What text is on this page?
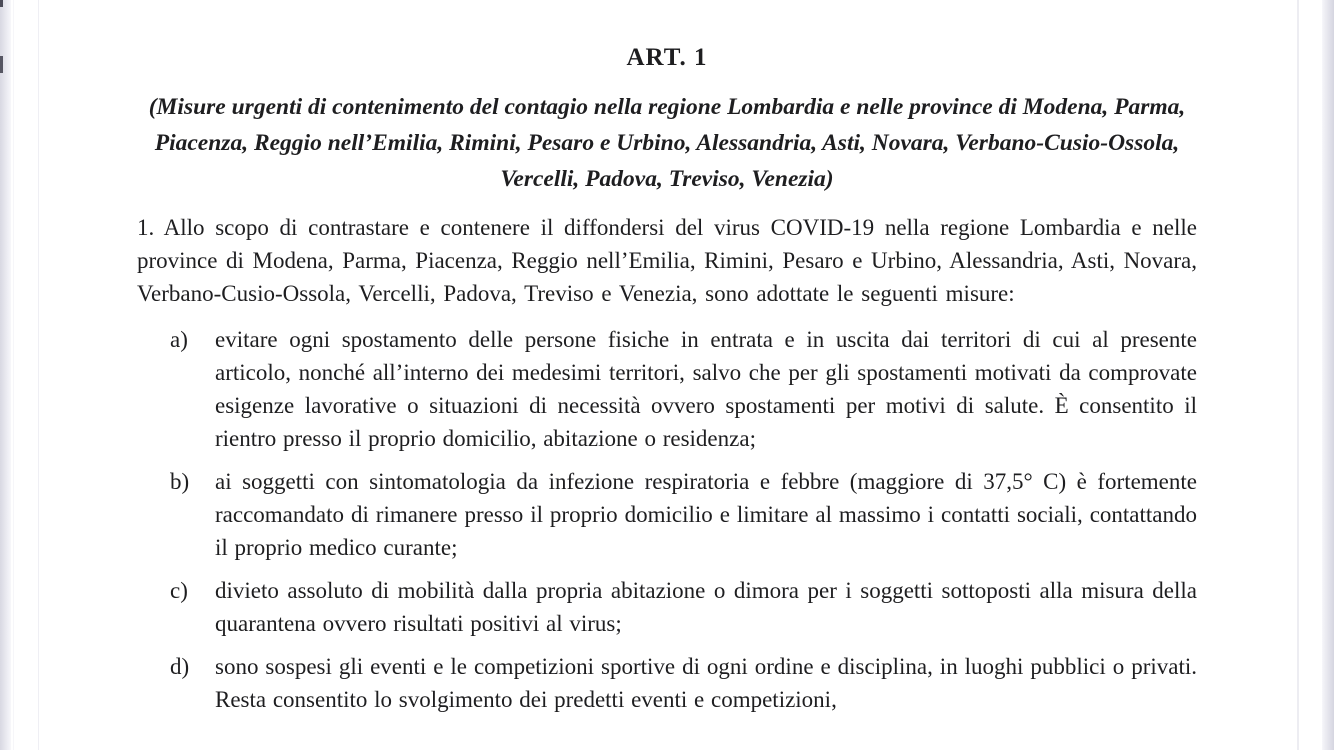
ART. 1
(Misure urgenti di contenimento del contagio nella regione Lombardia e nelle province di Modena, Parma, Piacenza, Reggio nell’Emilia, Rimini, Pesaro e Urbino, Alessandria, Asti, Novara, Verbano-Cusio-Ossola, Vercelli, Padova, Treviso, Venezia)
1. Allo scopo di contrastare e contenere il diffondersi del virus COVID-19 nella regione Lombardia e nelle province di Modena, Parma, Piacenza, Reggio nell’Emilia, Rimini, Pesaro e Urbino, Alessandria, Asti, Novara, Verbano-Cusio-Ossola, Vercelli, Padova, Treviso e Venezia, sono adottate le seguenti misure:
a) evitare ogni spostamento delle persone fisiche in entrata e in uscita dai territori di cui al presente articolo, nonché all’interno dei medesimi territori, salvo che per gli spostamenti motivati da comprovate esigenze lavorative o situazioni di necessità ovvero spostamenti per motivi di salute. È consentito il rientro presso il proprio domicilio, abitazione o residenza;
b) ai soggetti con sintomatologia da infezione respiratoria e febbre (maggiore di 37,5° C) è fortemente raccomandato di rimanere presso il proprio domicilio e limitare al massimo i contatti sociali, contattando il proprio medico curante;
c) divieto assoluto di mobilità dalla propria abitazione o dimora per i soggetti sottoposti alla misura della quarantena ovvero risultati positivi al virus;
d) sono sospesi gli eventi e le competizioni sportive di ogni ordine e disciplina, in luoghi pubblici o privati. Resta consentito lo svolgimento dei predetti eventi e competizioni,
